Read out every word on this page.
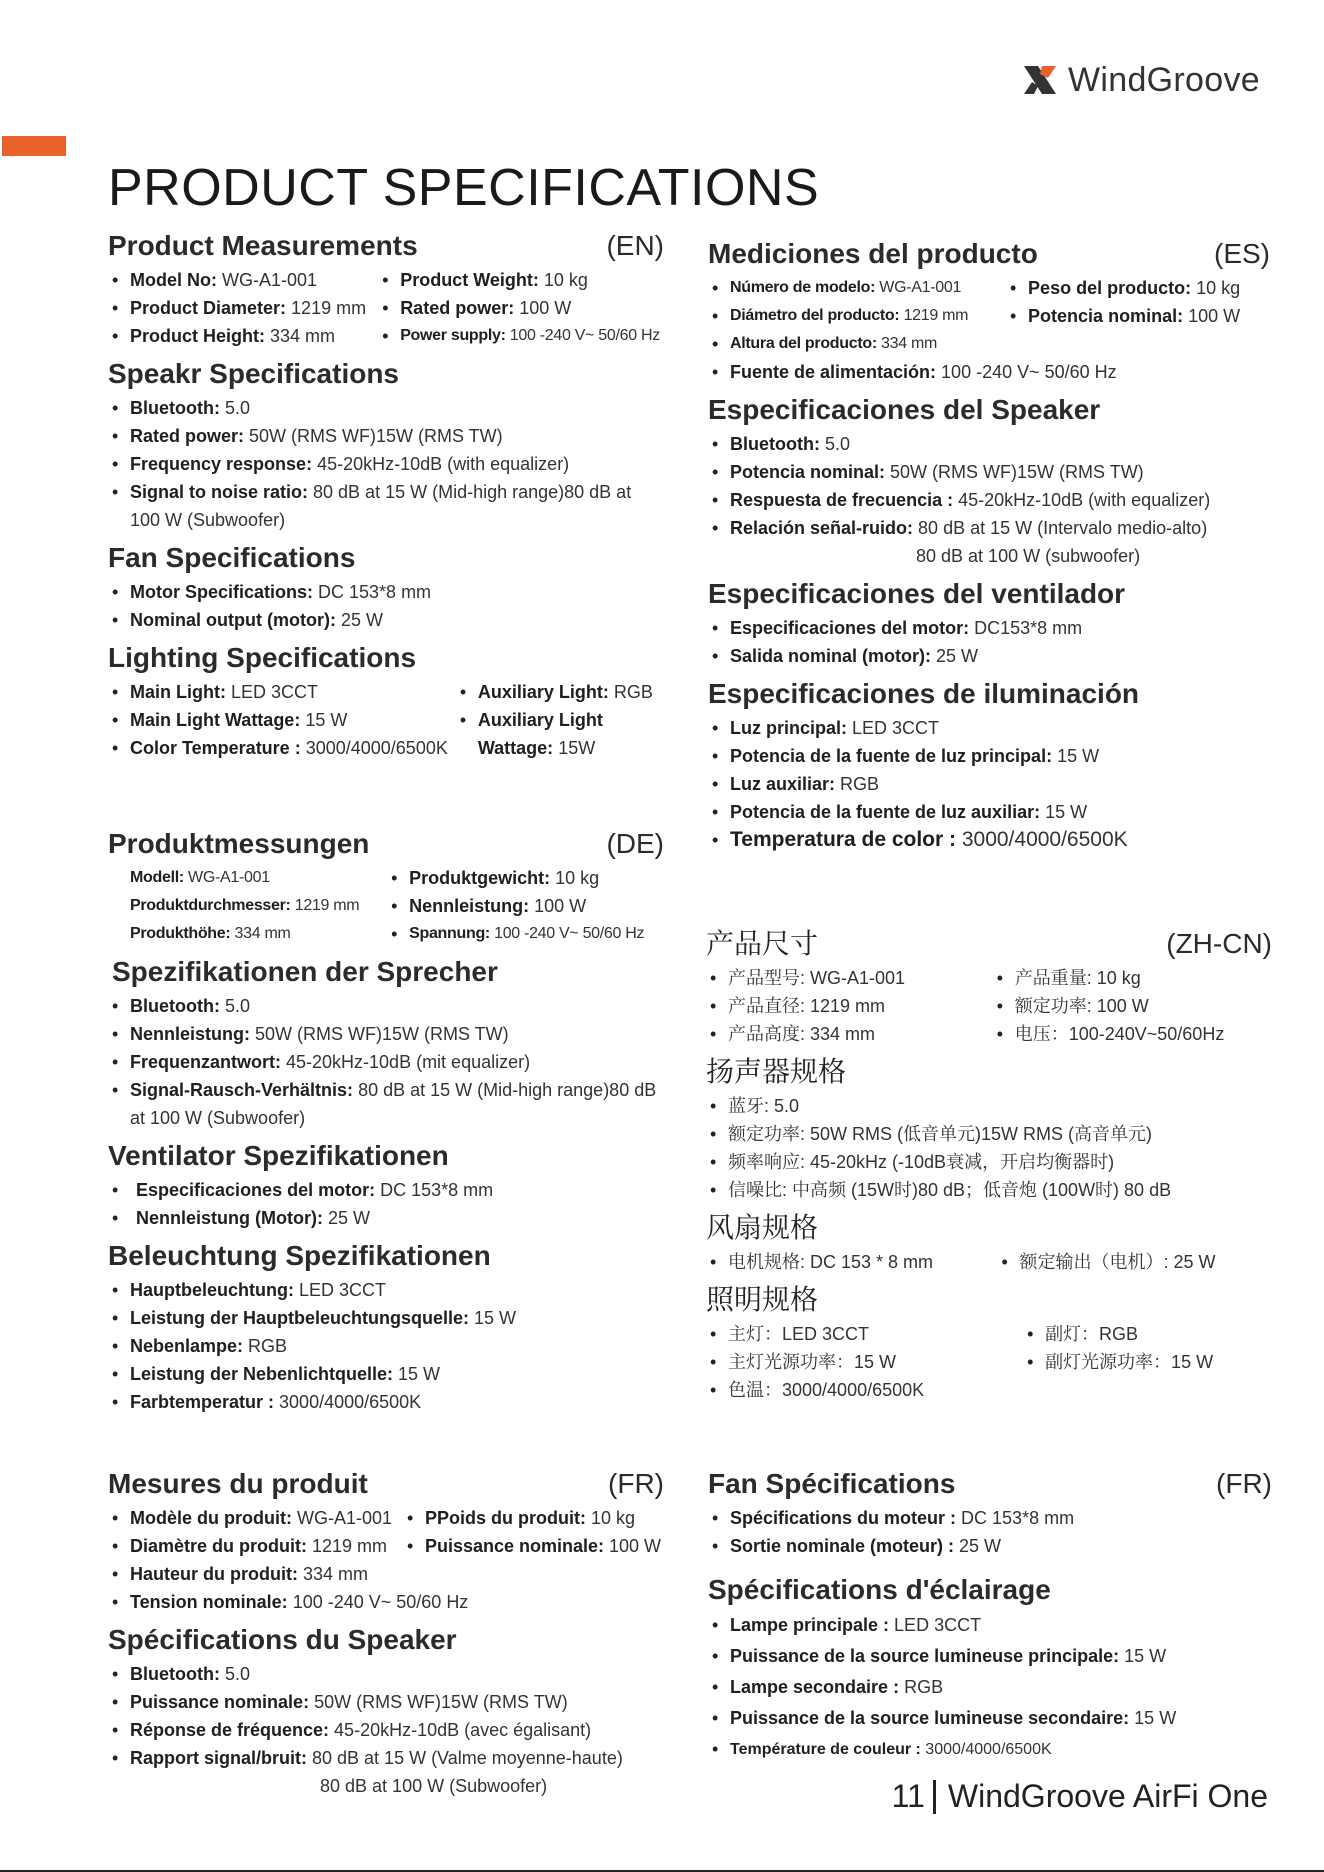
WindGroove
PRODUCT SPECIFICATIONS
Product Measurements	(EN)
• Model No: WG-A1-001
• Product Diameter: 1219 mm
• Product Height: 334 mm
• Product Weight: 10 kg
• Rated power: 100 W
• Power supply: 100 -240 V~ 50/60 Hz
Speakr Specifications
• Bluetooth: 5.0
• Rated power: 50W (RMS WF)15W (RMS TW)
• Frequency response: 45-20kHz-10dB (with equalizer)
• Signal to noise ratio: 80 dB at 15 W (Mid-high range)80 dB at 100 W (Subwoofer)
Fan Specifications
• Motor Specifications: DC 153*8 mm
• Nominal output (motor): 25 W
Lighting Specifications
• Main Light: LED 3CCT
• Main Light Wattage: 15 W
• Color Temperature : 3000/4000/6500K
• Auxiliary Light: RGB
• Auxiliary Light Wattage: 15W
Mediciones del producto	(ES)
• Número de modelo: WG-A1-001
• Diámetro del producto: 1219 mm
• Altura del producto: 334 mm
• Peso del producto: 10 kg
• Potencia nominal: 100 W
• Fuente de alimentación: 100 -240 V~ 50/60 Hz
Especificaciones del Speaker
• Bluetooth: 5.0
• Potencia nominal: 50W (RMS WF)15W (RMS TW)
• Respuesta de frecuencia : 45-20kHz-10dB (with equalizer)
• Relación señal-ruido: 80 dB at 15 W (Intervalo medio-alto)
80 dB at 100 W (subwoofer)
Especificaciones del ventilador
• Especificaciones del motor: DC153*8 mm
• Salida nominal (motor): 25 W
Especificaciones de iluminación
• Luz principal: LED 3CCT
• Potencia de la fuente de luz principal: 15 W
• Luz auxiliar: RGB
• Potencia de la fuente de luz auxiliar: 15 W
• Temperatura de color : 3000/4000/6500K
Produktmessungen	(DE)
Modell: WG-A1-001
Produktdurchmesser: 1219 mm
Produkthöhe: 334 mm
• Produktgewicht: 10 kg
• Nennleistung: 100 W
• Spannung: 100 -240 V~ 50/60 Hz
Spezifikationen der Sprecher
• Bluetooth: 5.0
• Nennleistung: 50W (RMS WF)15W (RMS TW)
• Frequenzantwort: 45-20kHz-10dB (mit equalizer)
• Signal-Rausch-Verhältnis: 80 dB at 15 W (Mid-high range)80 dB at 100 W (Subwoofer)
Ventilator Spezifikationen
• Especificaciones del motor: DC 153*8 mm
• Nennleistung (Motor): 25 W
Beleuchtung Spezifikationen
• Hauptbeleuchtung: LED 3CCT
• Leistung der Hauptbeleuchtungsquelle: 15 W
• Nebenlampe: RGB
• Leistung der Nebenlichtquelle: 15 W
• Farbtemperatur : 3000/4000/6500K
产品尺寸	(ZH-CN)
• 产品型号: WG-A1-001
• 产品直径: 1219 mm
• 产品高度: 334 mm
• 产品重量: 10 kg
• 额定功率: 100 W
• 电压：100-240V~50/60Hz
扬声器规格
• 蓝牙: 5.0
• 额定功率: 50W RMS (低音单元)15W RMS (高音单元)
• 频率响应: 45-20kHz (-10dB衰减，开启均衡器时)
• 信噪比: 中高频 (15W时)80 dB；低音炮 (100W时) 80 dB
风扇规格
• 电机规格: DC 153 * 8 mm
•	额定输出（电机）: 25 W
照明规格
• 主灯：LED 3CCT
• 主灯光源功率：15 W
• 色温：3000/4000/6500K
• 副灯：RGB
• 副灯光源功率：15 W
Mesures du produit	(FR)
• Modèle du produit: WG-A1-001
• Diamètre du produit: 1219 mm
• Hauteur du produit: 334 mm
• PPoids du produit: 10 kg
• Puissance nominale: 100 W
• Tension nominale: 100 -240 V~ 50/60 Hz
Spécifications du Speaker
• Bluetooth: 5.0
• Puissance nominale: 50W (RMS WF)15W (RMS TW)
• Réponse de fréquence: 45-20kHz-10dB (avec égalisant)
• Rapport signal/bruit: 80 dB at 15 W (Valme moyenne-haute)
80 dB at 100 W (Subwoofer)
Fan Spécifications	(FR)
• Spécifications du moteur : DC 153*8 mm
• Sortie nominale (moteur) : 25 W
Spécifications d'éclairage
• Lampe principale : LED 3CCT
• Puissance de la source lumineuse principale: 15 W
• Lampe secondaire : RGB
• Puissance de la source lumineuse secondaire: 15 W
• Température de couleur : 3000/4000/6500K
11 WindGroove AirFi One
